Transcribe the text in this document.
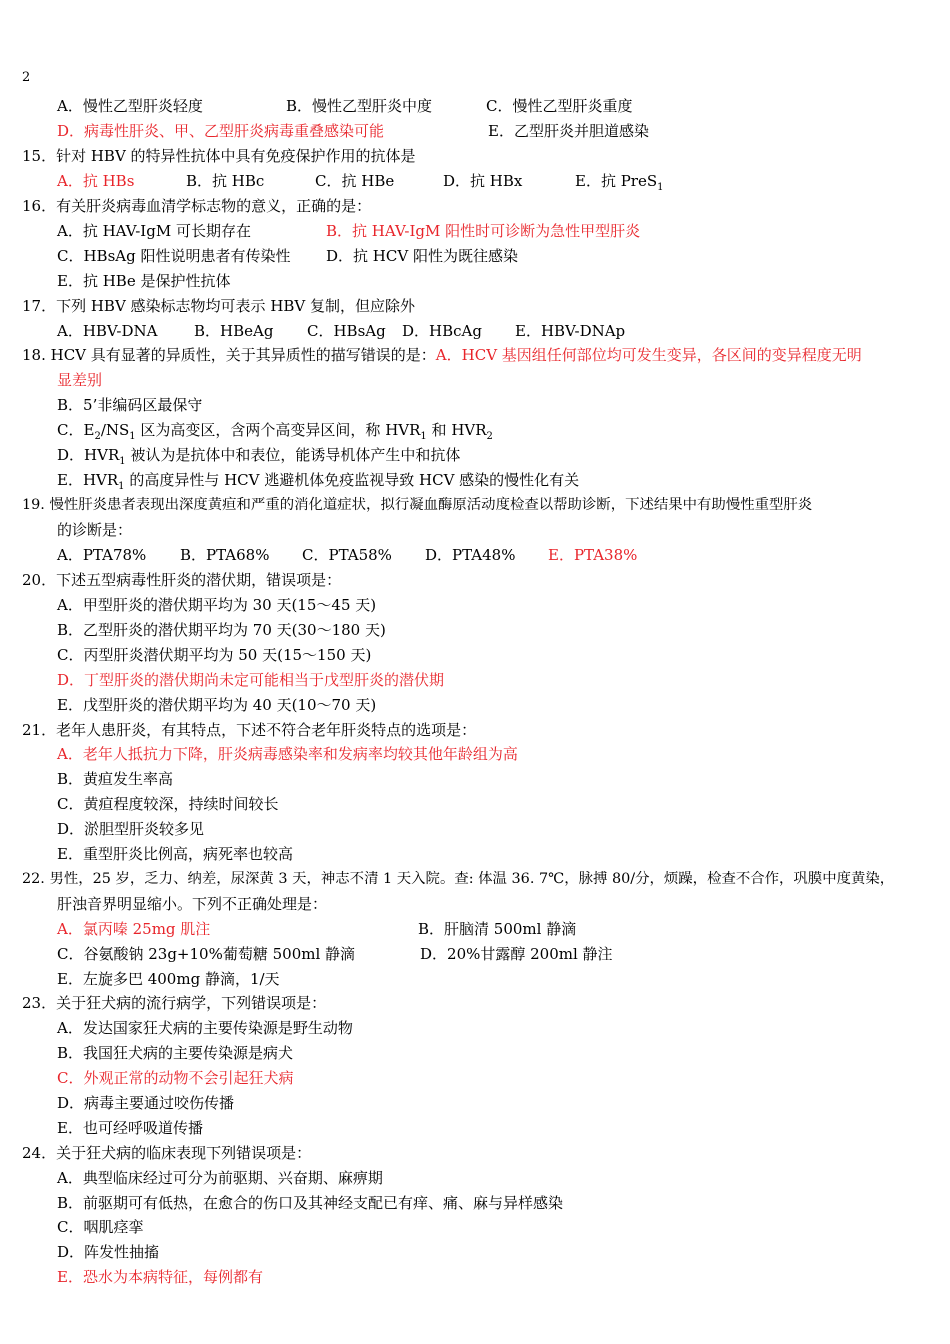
2
A．慢性乙型肝炎轻度	B．慢性乙型肝炎中度	C．慢性乙型肝炎重度
D．病毒性肝炎、甲、乙型肝炎病毒重叠感染可能	E．乙型肝炎并胆道感染
15．针对 HBV 的特异性抗体中具有免疫保护作用的抗体是
A．抗 HBs	B．抗 HBc	C．抗 HBe	D．抗 HBx	E．抗 PreS$_1$
16．有关肝炎病毒血清学标志物的意义，正确的是：
A．抗 HAV-IgM 可长期存在	B．抗 HAV-IgM 阳性时可诊断为急性甲型肝炎
C．HBsAg 阳性说明患者有传染性 D．抗 HCV 阳性为既往感染
E．抗 HBe 是保护性抗体
17．下列 HBV 感染标志物均可表示 HBV 复制，但应除外
A．HBV-DNA B．HBeAg C．HBsAg D．HBcAg E．HBV-DNAp
18. HCV 具有显著的异质性，关于其异质性的描写错误的是：A．HCV 基因组任何部位均可发生变异，各区间的变异程度无明
显差别
B．5’非编码区最保守
C．$E_2/NS_1$ 区为高变区，含两个高变异区间，称 $HVR_1$ 和 $HVR_2$
D．$HVR_1$ 被认为是抗体中和表位，能诱导机体产生中和抗体
E．$HVR_1$ 的高度异性与 HCV 逃避机体免疫监视导致 HCV 感染的慢性化有关
19. 慢性肝炎患者表现出深度黄疸和严重的消化道症状，拟行凝血酶原活动度检查以帮助诊断，下述结果中有助慢性重型肝炎
的诊断是：
A．PTA78% B．PTA68% C．PTA58% D．PTA48% E．PTA38%
20．下述五型病毒性肝炎的潜伏期，错误项是：
A．甲型肝炎的潜伏期平均为 30 天(15～45 天)
B．乙型肝炎的潜伏期平均为 70 天(30～180 天)
C．丙型肝炎潜伏期平均为 50 天(15～150 天)
D．丁型肝炎的潜伏期尚未定可能相当于戊型肝炎的潜伏期
E．戊型肝炎的潜伏期平均为 40 天(10～70 天)
21．老年人患肝炎，有其特点，下述不符合老年肝炎特点的选项是：
A．老年人抵抗力下降，肝炎病毒感染率和发病率均较其他年龄组为高
B．黄疸发生率高
C．黄疸程度较深，持续时间较长
D．淤胆型肝炎较多见
E．重型肝炎比例高，病死率也较高
22. 男性，25 岁，乏力、纳差，尿深黄 3 天，神志不清 1 天入院。查: 体温 36. 7℃，脉搏 80/分，烦躁，检查不合作，巩膜中度黄染，
肝浊音界明显缩小。下列不正确处理是：
A．氯丙嗪 25mg 肌注	B．肝脑清 500ml 静滴
C．谷氨酸钠 23g+10%葡萄糖 500ml 静滴	D．20%甘露醇 200ml 静注
E．左旋多巴 400mg 静滴，1/天
23．关于狂犬病的流行病学，下列错误项是：
A．发达国家狂犬病的主要传染源是野生动物
B．我国狂犬病的主要传染源是病犬
C．外观正常的动物不会引起狂犬病
D．病毒主要通过咬伤传播
E．也可经呼吸道传播
24．关于狂犬病的临床表现下列错误项是：
A．典型临床经过可分为前驱期、兴奋期、麻痹期
B．前驱期可有低热，在愈合的伤口及其神经支配已有痒、痛、麻与异样感染
C．咽肌痉挛
D．阵发性抽搐
E．恐水为本病特征，每例都有
